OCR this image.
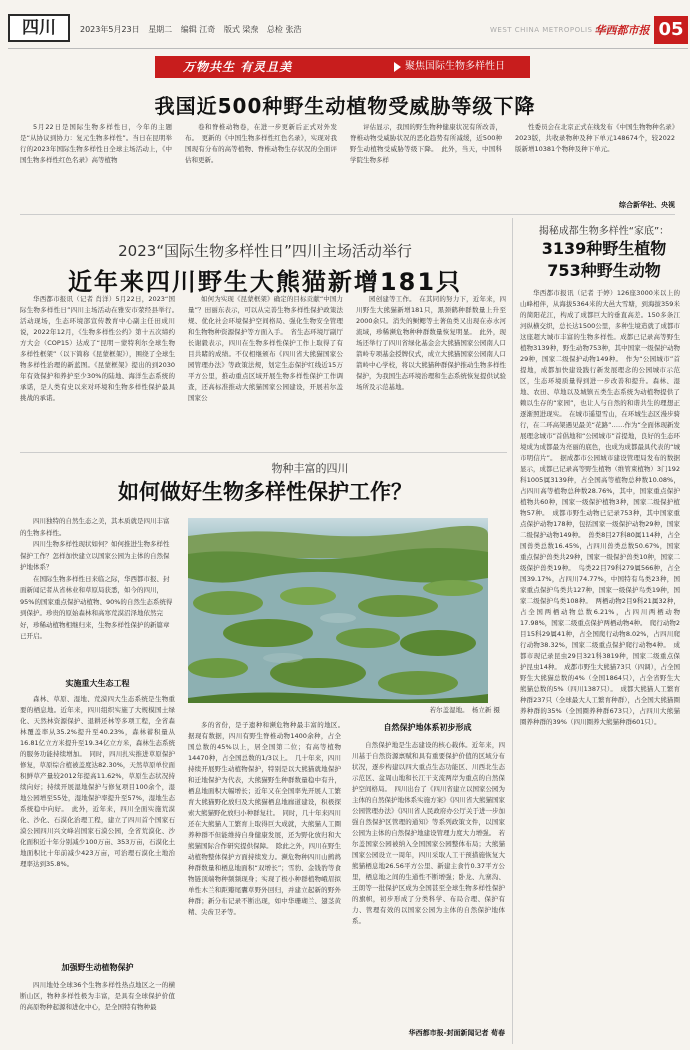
四川	2023年5月23日 星期二 编辑 江奇 版式 梁焘 总检 张浩	WEST CHINA METROPOLIS DAILY
华西都市报 05
万物共生 有灵且美	聚焦国际生物多样性日
我国近500种野生动植物受威胁等级下降

5月22日是国际生物多样性日，今年的主题是“从协议到协力：复元生物多样性”。当日在昆明举行的2023年国际生物多样性日全球主场活动上，《中国生物多样性红色名录》高等植物

卷和脊椎动物卷，在进一步更新后正式对外发布。　更新的《中国生物多样性红色名录》，实现对我国现有分布的高等植物、脊椎动物生存状况的全面评估和更新。

评估显示，我国的野生物种健康状况有所改善，脊椎动物受威胁状况的恶化趋势有所减缓，近500种野生动植物受威胁等级下降。　此外，当天，中国科学院生物多样

性委员会在北京正式在线发布《中国生物物种名录》2023版，共收录物种及种下单元148674个，较2022版新增10381个物种及种下单元。

综合新华社、央视
2023“国际生物多样性日”四川主场活动举行
近年来四川野生大熊猫新增181只

华西都市报讯（记者 肖洋）5月22日，2023“国际生物多样性日”四川主场活动在雅安市荥经县举行。　活动现场，生态环境部宣传教育中心副主任田成川说，2022年12月，《生物多样性公约》第十五次缔约方大会（COP15）达成了“昆明－蒙特利尔全球生物多样性框架”（以下简称《昆蒙框架》），围绕了全球生物多样性治理的新蓝图。《昆蒙框架》提出的到2030年有效保护和养护至少30%的陆地、海洋生态系统的承诺，是人类有史以来对环境和生物多样性保护最具挑战的承诺。

如何为实现《昆蒙框架》确定的目标贡献“中国力量”？田丽东表示，可以从完善生物多样性保护政策法规、优化社会环境保护空间格局、强化生物安全管理和生物物种资源保护等方面入手。　省生态环境厅副厅长谢毅表示，四川在生物多样性保护工作上取得了有目共睹的成绩。不仅相继颁布《四川省大熊猫国家公园管理办法》等政策法规，划定生态保护红线近15万平方公里，推动重点区域开展生物多样性保护工作调查，还高标准推动大熊猫国家公园建设，开展若尔盖国家公

园创建等工作。　在其同的努力下，近年来，四川野生大熊猫新增181只，黑颈鹤种群数量上升至2000余只。消失的鲥鳃等土著鱼类又出现在赤水河流域，珍稀濒危物种种群数量恢复明显。　此外，现场还举行了四川省绿化基金会大熊猫国家公园南人口箭岭专项基金授牌仪式，成立大熊猫国家公园南人口箭岭中心学校，将以大熊猫种群保护推动生物多样性保护，为我国生态环境治理和生态系统恢复提供试验场所及示范基地。

揭秘成都生物多样性“家底”：
3139种野生植物
753种野生动物

华西都市报讯（记者 于婷）126座3000米以上的山峰相伴，从海拔5364米的大邑大雪塘，到海拔359米的简阳花江，构成了成都巨大的垂直高差。150多条江河纵横交织，总长达1500公里，多种生境造就了成都市这座超大城市丰富的生物多样性。成都已记录高等野生植物3139种，野生动物753种，其中国家一级保护动物29种，国家二级保护动物149种。　作为“公园城市”首提地，成都加快建设践行新发展理念的公园城市示范区，生态环境质量得到进一步改善和提升。森林、湿地、农田、草地以及城镇五类生态系统为动植物提供了赖以生存的“家园”，也让人与自然的和谐共生的理想正逐渐照进现实。　在城市遥望雪山，在环城生态区漫步骑行，在二环高架遇见最美“花路”……作为“全面体现新发展理念城市”首倡地和“公园城市”首提地，良好的生态环境成为成都最为亮丽的底色，也成为成都最具代表的“城市明信片”。　据成都市公园城市建设管理局发布的数据显示，成都已记录高等野生植物（维管束植物）3门192科1005属3139种，占全国高等植物总种数10.08%，占四川高等植物总种数28.76%，其中，国家重点保护植物共60种，国家一级保护植物3种，国家二级保护植物57种。　成都市野生动物已记录753种，其中国家重点保护动物178种，包括国家一级保护动物29种，国家二级保护动物149种。　兽类8目27科80属114种，占全国兽类总数16.45%，占四川兽类总数50.67%，国家重点保护兽类共29种，国家一级保护兽类10种，国家二级保护兽类19种。　鸟类22目79科279属566种，占全国39.17%，占四川74.77%，中国特有鸟类23种，国家重点保护鸟类共127种，国家一级保护鸟类19种，国家二级保护鸟类108种。　两栖动物2目9科21属32种，占全国两栖动物总数6.21%，占四川两栖动物17.98%，国家二级重点保护两栖动物4种。　爬行动物2目15科29属41种，占全国爬行动物8.02%，占四川爬行动物38.32%，国家二级重点保护爬行动物4种。　成都市现记录昆虫29目321科3819种，国家二级重点保护昆虫14种。　成都市野生大熊猫73只（四调），占全国野生大熊猫总数的4%（全国1864只），占全省野生大熊猫总数的5%（四川1387只）。　成都大熊猫人工繁育种群237只（全球最大人工繁育种群），占全国大熊猫圈养种群的35%（全国圈养种群673只），占四川大熊猫圈养种群的39%（四川圈养大熊猫种群601只）。

物种丰富的四川
如何做好生物多样性保护工作？

四川独特的自然生态之美，其本质就是四川丰富的生物多样性。

四川生物多样性现状如何？如何推进生物多样性保护工作？怎样加快建立以国家公园为主体的自然保护地体系？

在国际生物多样性日来临之际，华西都市报、封面新闻记者从省林业和草原局获悉，如今的四川，95%的国家重点保护动植物、90%的自然生态系统得到保护。珍贵的原始森林和高寒荒漠沼泽地依然完好，珍稀动植物相继归来，生物多样性保护的新篇章已开启。

实施重大生态工程

森林、草原、湿地、荒漠四大生态系统是生物重要的栖息地。近年来，四川组织实施了大规模国土绿化、天然林资源保护、退耕还林等多项工程，全省森林覆盖率从35.2%提升至40.23%，森林蓄积量从16.81亿立方米提升至19.34亿立方米，森林生态系统的服务功能持续增加。　同时，四川扎实推进草原保护修复，草原综合植被盖度达82.30%，天然草原单位面积鲜草产量较2012年提高11.62%，草原生态状况持续向好；持续开展湿地保护与修复项目100余个，湿地公园增至55处，湿地保护率提升至57%，湿地生态系统稳中向好。　此外，近年来，四川全面实施荒漠化、沙化、石漠化治理工程，建立了四川首个国家石漠公园四川兴文峰岩国家石漠公园，全省荒漠化、沙化面积近十年分别减少100万亩、353万亩，石漠化土地面积比十年前减少423万亩，可治理石漠化土地治理率达到35.8%。

加强野生动植物保护

四川地处全球36个生物多样性热点地区之一的横断山区，物种多样性极为丰富，是具有全球保护价值的高原物种起源和进化中心，是全国特有物种最

若尔盖湿地。　杨立新 摄

多的省份，是子遗种和濒危物种最丰富的地区。　据现有数据，四川有野生脊椎动物1400余种，占全国总数的45%以上，居全国第二位；有高等植物14470种，占全国总数的1/3以上。　几十年来，四川持续开展野生动植物保护，特别是以大熊猫就地保护和迁地保护为代表，大熊猫野生种群数量稳中有升，栖息地面积大幅增长；近年又在全国率先开展人工繁育大熊猫野化放归及大熊猫栖息地廊道建设，积极探索大熊猫野化放归小种群复壮。　同时，几十年来四川还在大熊猫人工繁育上取得巨大成就，大熊猫人工圈养种群不但能维持自身健康发展，还为野化放归和大熊猫国际合作研究提供保障。　除此之外，四川在野生动植物整体保护方面持续发力。濒危物种四川山鹧鸪种群数量和栖息地面积“双增长”；雪豹、金钱豹等食物链顶端物种频频现身；实现了极小种群植物峨眉拟单性木兰和距瓣尾囊草野外回归，并建立起新的野外种群；新分布记录不断出现，如中华珊瑚兰、翅茎黄精、尖齿卫矛等。

自然保护地体系初步形成

自然保护地是生态建设的核心载体。近年来，四川基于自然资源禀赋和具有重要保护价值的区域分布状况，逐步构建以四大重点生态功能区、川西北生态示范区、盆周山地和长江干支流两岸为重点的自然保护空间格局。　四川出台了《四川省建立以国家公园为主体的自然保护地体系实施方案》《四川省大熊猫国家公园管理办法》《四川省人民政府办公厅关于进一步加强自然保护区管理的通知》等系列政策文件，以国家公园为主体的自然保护地建设管理力度大力增强。　若尔盖国家公园被纳入全国国家公园整体布局；大熊猫国家公园设立一周年，四川采取人工干预措施恢复大熊猫栖息地26.56平方公里、新建主食竹0.37平方公里，栖息地之间的生通性不断增强；卧龙、九寨沟、王朗等一批保护区成为全国甚至全球生物多样性保护的旗帜，初步形成了分类科学、布局合理、保护有力、管理有效的以国家公园为主体的自然保护地体系。

华西都市报-封面新闻记者 荀春
